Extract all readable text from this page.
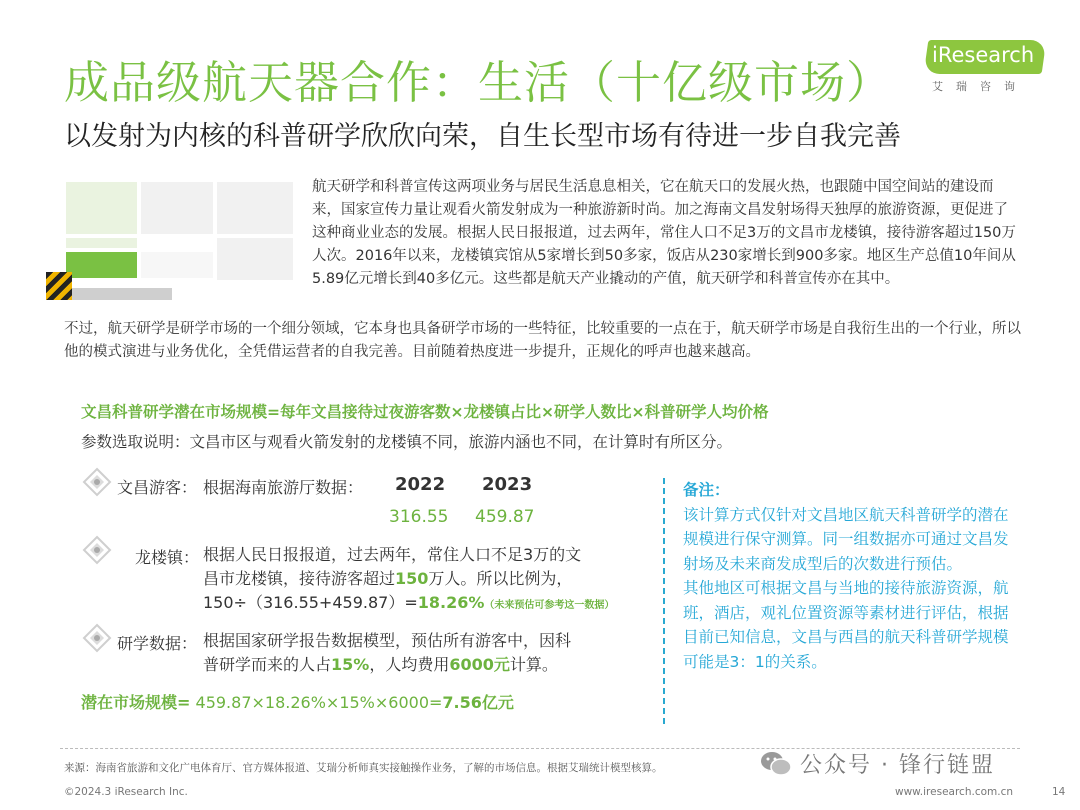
成品级航天器合作：生活（十亿级市场）
以发射为内核的科普研学欣欣向荣，自生长型市场有待进一步自我完善
iResearch
艾瑞咨询
航天研学和科普宣传这两项业务与居民生活息息相关，它在航天口的发展火热，也跟随中国空间站的建设而来，国家宣传力量让观看火箭发射成为一种旅游新时尚。加之海南文昌发射场得天独厚的旅游资源，更促进了这种商业业态的发展。根据人民日报报道，过去两年，常住人口不足3万的文昌市龙楼镇，接待游客超过150万人次。2016年以来，龙楼镇宾馆从5家增长到50多家，饭店从230家增长到900多家。地区生产总值10年间从5.89亿元增长到40多亿元。这些都是航天产业撬动的产值，航天研学和科普宣传亦在其中。
不过，航天研学是研学市场的一个细分领域，它本身也具备研学市场的一些特征，比较重要的一点在于，航天研学市场是自我衍生出的一个行业，所以他的模式演进与业务优化，全凭借运营者的自我完善。目前随着热度进一步提升，正规化的呼声也越来越高。
文昌科普研学潜在市场规模=每年文昌接待过夜游客数×龙楼镇占比×研学人数比×科普研学人均价格
参数选取说明：文昌市区与观看火箭发射的龙楼镇不同，旅游内涵也不同，在计算时有所区分。
文昌游客： 根据海南旅游厅数据： 2022 2023
316.55 459.87
龙楼镇： 根据人民日报报道，过去两年，常住人口不足3万的文
昌市龙楼镇，接待游客超过150万人。所以比例为，
150÷（316.55+459.87）=18.26%（未来预估可参考这一数据）
研学数据： 根据国家研学报告数据模型，预估所有游客中，因科
普研学而来的人占15%，人均费用6000元计算。
潜在市场规模= 459.87×18.26%×15%×6000=7.56亿元
备注：
该计算方式仅针对文昌地区航天科普研学的潜在规模进行保守测算。同一组数据亦可通过文昌发射场及未来商发成型后的次数进行预估。
其他地区可根据文昌与当地的接待旅游资源，航班，酒店，观礼位置资源等素材进行评估，根据目前已知信息，文昌与西昌的航天科普研学规模可能是3：1的关系。
来源：海南省旅游和文化广电体育厅、官方媒体报道、艾瑞分析师真实接触操作业务，了解的市场信息。根据艾瑞统计模型核算。	公众号 · 锋行链盟
©2024.3 iResearch Inc.	www.iresearch.com.cn	14
